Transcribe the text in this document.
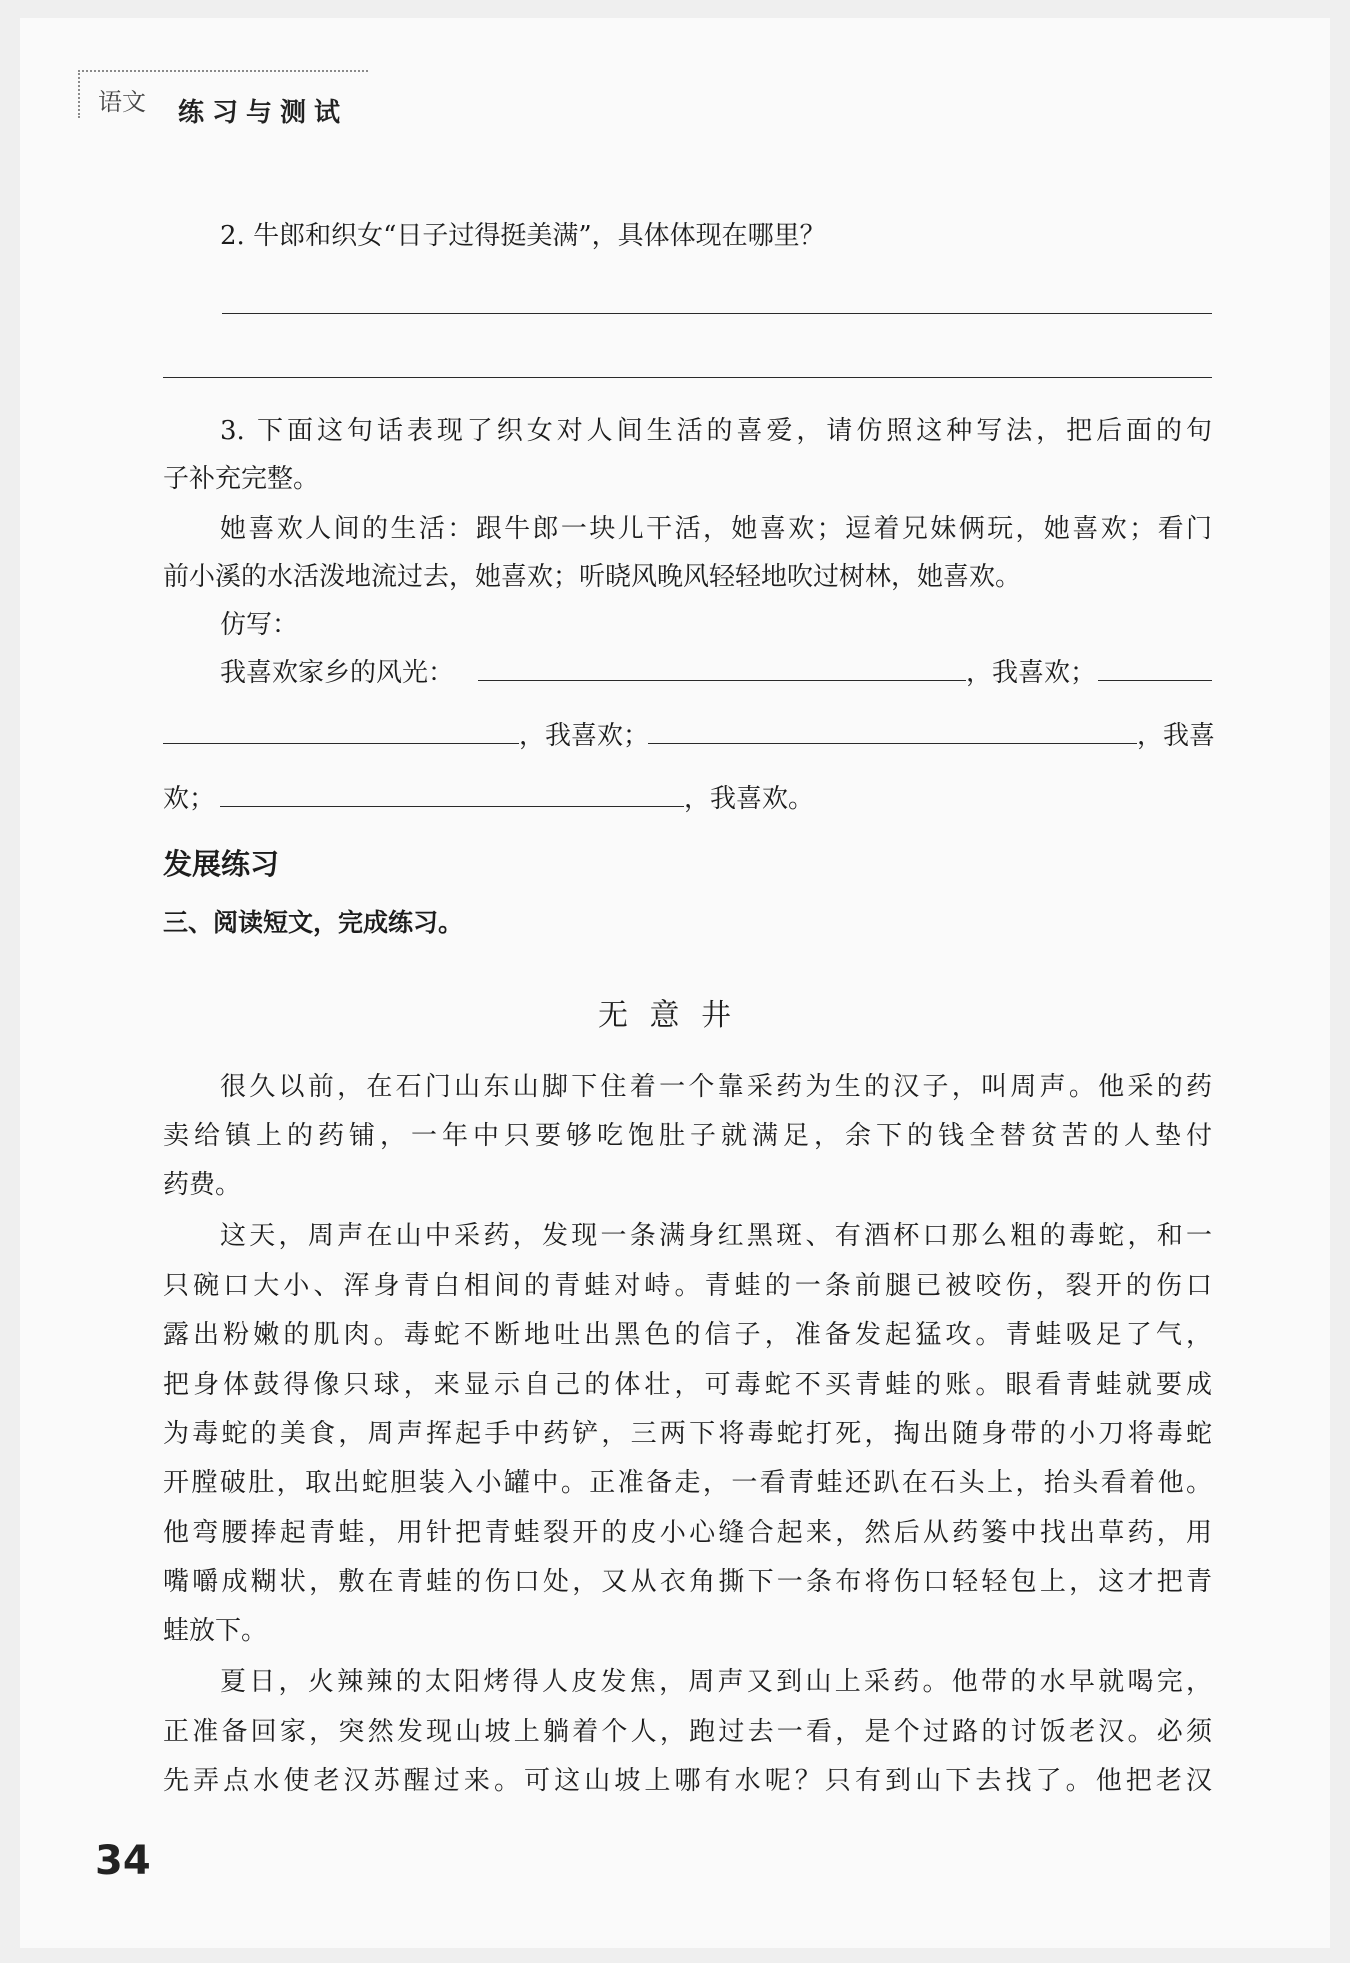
语文 练习与测试
2. 牛郎和织女“日子过得挺美满”，具体体现在哪里？
3. 下面这句话表现了织女对人间生活的喜爱，请仿照这种写法，把后面的句
子补充完整。
她喜欢人间的生活：跟牛郎一块儿干活，她喜欢；逗着兄妹俩玩，她喜欢；看门
前小溪的水活泼地流过去，她喜欢；听晓风晚风轻轻地吹过树林，她喜欢。
仿写：
我喜欢家乡的风光：	，我喜欢；
，我喜欢；	，我喜
欢；	，我喜欢。
发展练习
三、阅读短文，完成练习。
无 意 井
很久以前，在石门山东山脚下住着一个靠采药为生的汉子，叫周声。他采的药
卖给镇上的药铺，一年中只要够吃饱肚子就满足，余下的钱全替贫苦的人垫付
药费。
这天，周声在山中采药，发现一条满身红黑斑、有酒杯口那么粗的毒蛇，和一
只碗口大小、浑身青白相间的青蛙对峙。青蛙的一条前腿已被咬伤，裂开的伤口
露出粉嫩的肌肉。毒蛇不断地吐出黑色的信子，准备发起猛攻。青蛙吸足了气，
把身体鼓得像只球，来显示自己的体壮，可毒蛇不买青蛙的账。眼看青蛙就要成
为毒蛇的美食，周声挥起手中药铲，三两下将毒蛇打死，掏出随身带的小刀将毒蛇
开膛破肚，取出蛇胆装入小罐中。正准备走，一看青蛙还趴在石头上，抬头看着他。
他弯腰捧起青蛙，用针把青蛙裂开的皮小心缝合起来，然后从药篓中找出草药，用
嘴嚼成糊状，敷在青蛙的伤口处，又从衣角撕下一条布将伤口轻轻包上，这才把青
蛙放下。
夏日，火辣辣的太阳烤得人皮发焦，周声又到山上采药。他带的水早就喝完，
正准备回家，突然发现山坡上躺着个人，跑过去一看，是个过路的讨饭老汉。必须
先弄点水使老汉苏醒过来。可这山坡上哪有水呢？只有到山下去找了。他把老汉
34
